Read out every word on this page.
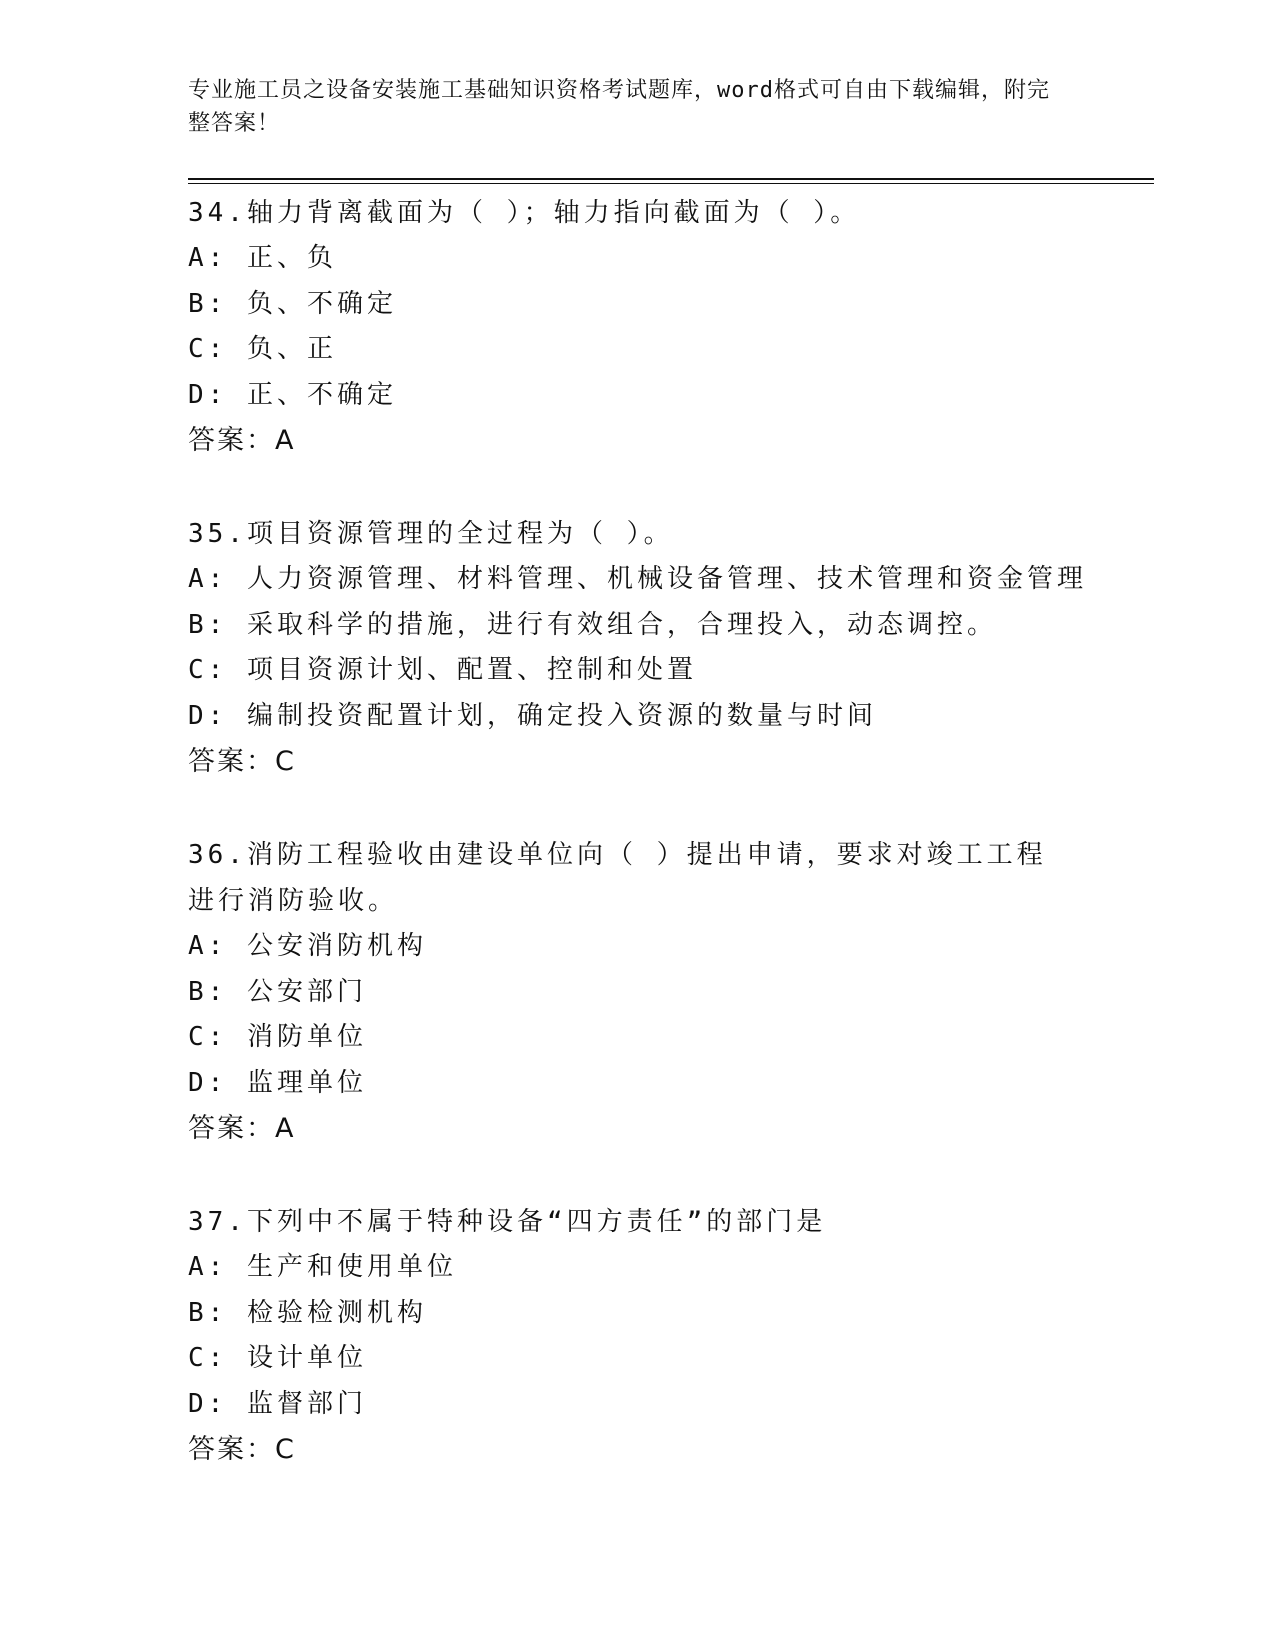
专业施工员之设备安装施工基础知识资格考试题库，word格式可自由下载编辑，附完整答案！
34.轴力背离截面为（ ）；轴力指向截面为（ ）。
A: 正、负
B: 负、不确定
C: 负、正
D: 正、不确定
答案：A
35.项目资源管理的全过程为（ ）。
A: 人力资源管理、材料管理、机械设备管理、技术管理和资金管理
B: 采取科学的措施，进行有效组合，合理投入，动态调控。
C: 项目资源计划、配置、控制和处置
D: 编制投资配置计划，确定投入资源的数量与时间
答案：C
36.消防工程验收由建设单位向（ ）提出申请，要求对竣工工程进行消防验收。
A: 公安消防机构
B: 公安部门
C: 消防单位
D: 监理单位
答案：A
37.下列中不属于特种设备“四方责任”的部门是
A: 生产和使用单位
B: 检验检测机构
C: 设计单位
D: 监督部门
答案：C
